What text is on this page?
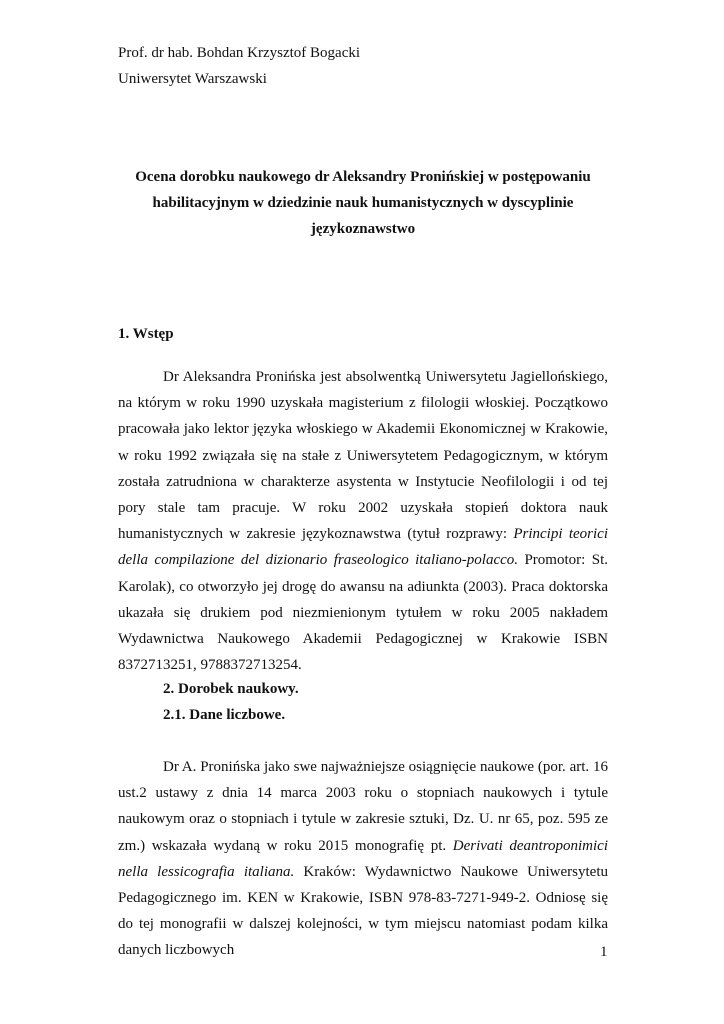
Prof. dr hab. Bohdan Krzysztof Bogacki
Uniwersytet Warszawski
Ocena dorobku naukowego dr Aleksandry Pronińskiej w postępowaniu
habilitacyjnym w dziedzinie nauk humanistycznych w dyscyplinie
językoznawstwo
1. Wstęp

Dr Aleksandra Pronińska jest absolwentką Uniwersytetu Jagiellońskiego, na którym w roku 1990 uzyskała magisterium z filologii włoskiej. Początkowo pracowała jako lektor języka włoskiego w Akademii Ekonomicznej w Krakowie, w roku 1992 związała się na stałe z Uniwersytetem Pedagogicznym, w którym została zatrudniona w charakterze asystenta w Instytucie Neofilologii i od tej pory stale tam pracuje. W roku 2002 uzyskała stopień doktora nauk humanistycznych w zakresie językoznawstwa (tytuł rozprawy: Principi teorici della compilazione del dizionario fraseologico italiano-polacco. Promotor: St. Karolak), co otworzyło jej drogę do awansu na adiunkta (2003). Praca doktorska ukazała się drukiem pod niezmienionym tytułem w roku 2005 nakładem Wydawnictwa Naukowego Akademii Pedagogicznej w Krakowie ISBN 8372713251, 9788372713254.

2. Dorobek naukowy.
2.1. Dane liczbowe.

Dr A. Pronińska jako swe najważniejsze osiągnięcie naukowe (por. art. 16 ust.2 ustawy z dnia 14 marca 2003 roku o stopniach naukowych i tytule naukowym oraz o stopniach i tytule w zakresie sztuki, Dz. U. nr 65, poz. 595 ze zm.) wskazała wydaną w roku 2015 monografię pt. Derivati deantroponimici nella lessicografia italiana. Kraków: Wydawnictwo Naukowe Uniwersytetu Pedagogicznego im. KEN w Krakowie, ISBN 978-83-7271-949-2. Odniosę się do tej monografii w dalszej kolejności, w tym miejscu natomiast podam kilka danych liczbowych	1
